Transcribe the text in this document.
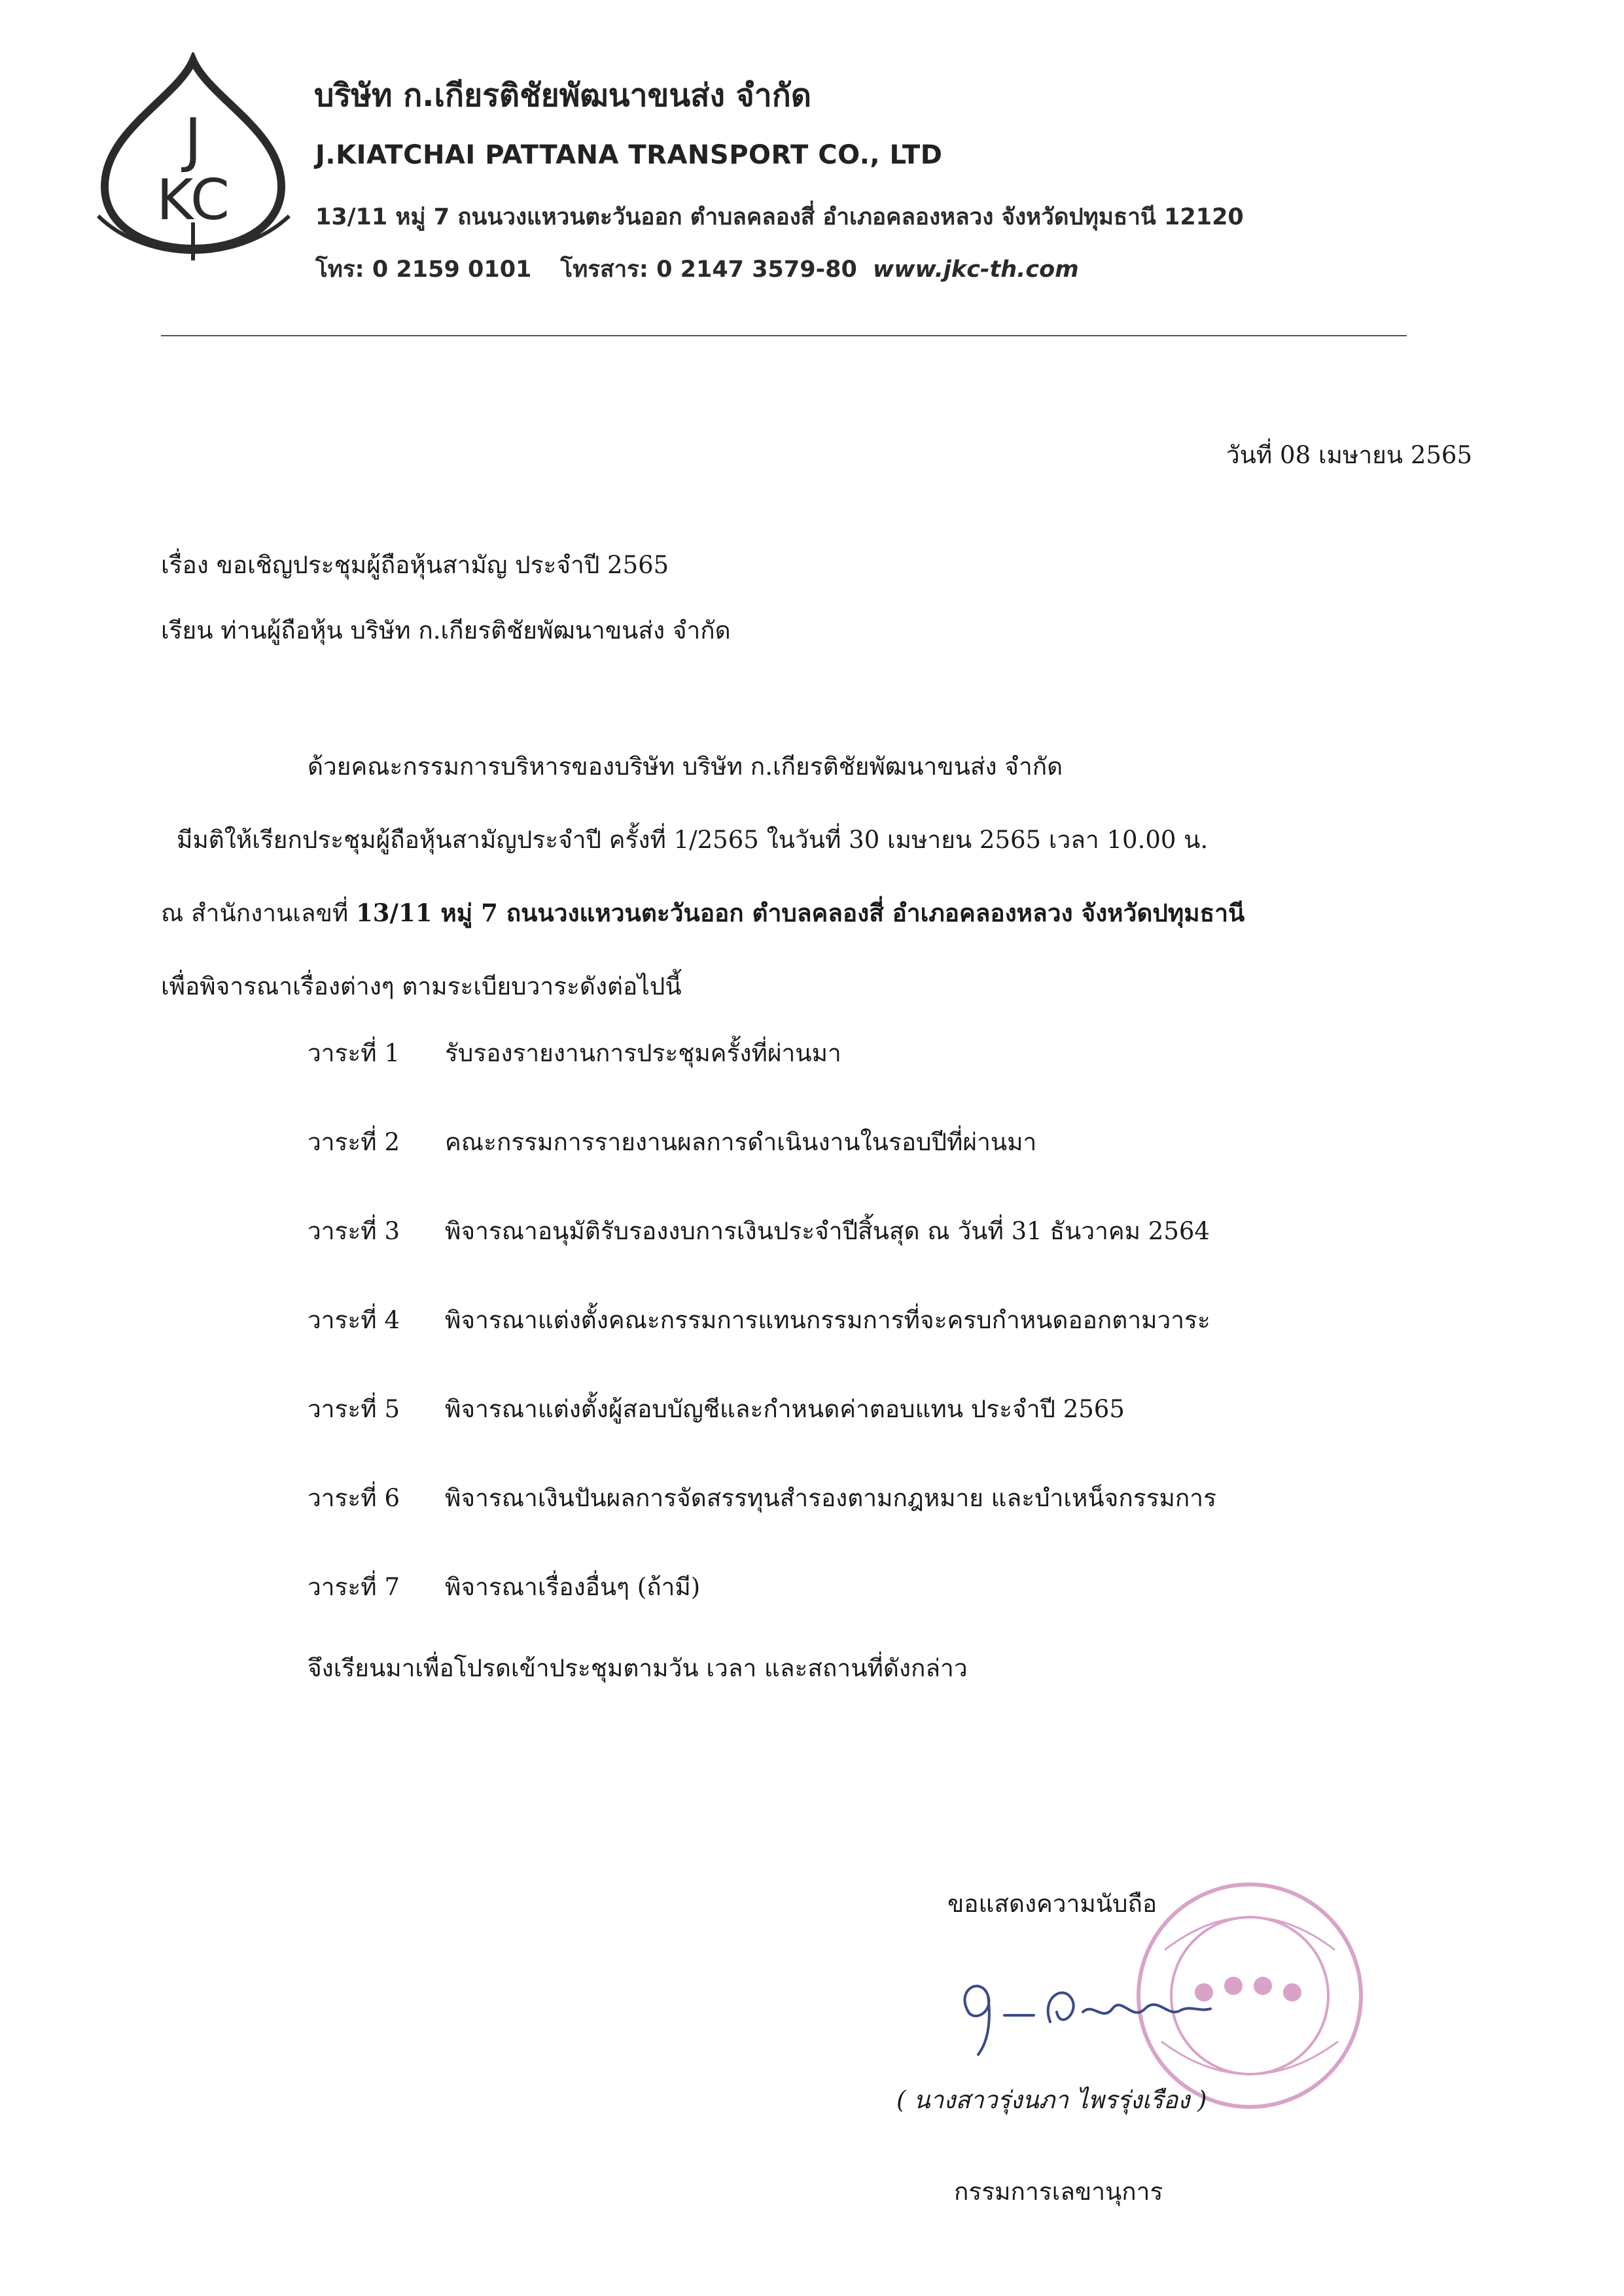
J
KC
บริษัท ก.เกียรติชัยพัฒนาขนส่ง จำกัด
J.KIATCHAI PATTANA TRANSPORT CO., LTD
13/11 หมู่ 7 ถนนวงแหวนตะวันออก ตำบลคลองสี่ อำเภอคลองหลวง จังหวัดปทุมธานี 12120
โทร: 0 2159 0101 โทรสาร: 0 2147 3579-80 www.jkc-th.com
วันที่ 08 เมษายน 2565
เรื่อง ขอเชิญประชุมผู้ถือหุ้นสามัญ ประจำปี 2565
เรียน ท่านผู้ถือหุ้น บริษัท ก.เกียรติชัยพัฒนาขนส่ง จำกัด
ด้วยคณะกรรมการบริหารของบริษัท บริษัท ก.เกียรติชัยพัฒนาขนส่ง จำกัด
มีมติให้เรียกประชุมผู้ถือหุ้นสามัญประจำปี ครั้งที่ 1/2565 ในวันที่ 30 เมษายน 2565 เวลา 10.00 น.
ณ สำนักงานเลขที่ 13/11 หมู่ 7 ถนนวงแหวนตะวันออก ตำบลคลองสี่ อำเภอคลองหลวง จังหวัดปทุมธานี
เพื่อพิจารณาเรื่องต่างๆ ตามระเบียบวาระดังต่อไปนี้
วาระที่ 1 รับรองรายงานการประชุมครั้งที่ผ่านมา
วาระที่ 2 คณะกรรมการรายงานผลการดำเนินงานในรอบปีที่ผ่านมา
วาระที่ 3 พิจารณาอนุมัติรับรองงบการเงินประจำปีสิ้นสุด ณ วันที่ 31 ธันวาคม 2564
วาระที่ 4 พิจารณาแต่งตั้งคณะกรรมการแทนกรรมการที่จะครบกำหนดออกตามวาระ
วาระที่ 5 พิจารณาแต่งตั้งผู้สอบบัญชีและกำหนดค่าตอบแทน ประจำปี 2565
วาระที่ 6 พิจารณาเงินปันผลการจัดสรรทุนสำรองตามกฎหมาย และบำเหน็จกรรมการ
วาระที่ 7 พิจารณาเรื่องอื่นๆ (ถ้ามี)
จึงเรียนมาเพื่อโปรดเข้าประชุมตามวัน เวลา และสถานที่ดังกล่าว
ขอแสดงความนับถือ
( นางสาวรุ่งนภา ไพรรุ่งเรือง )
กรรมการเลขานุการ
